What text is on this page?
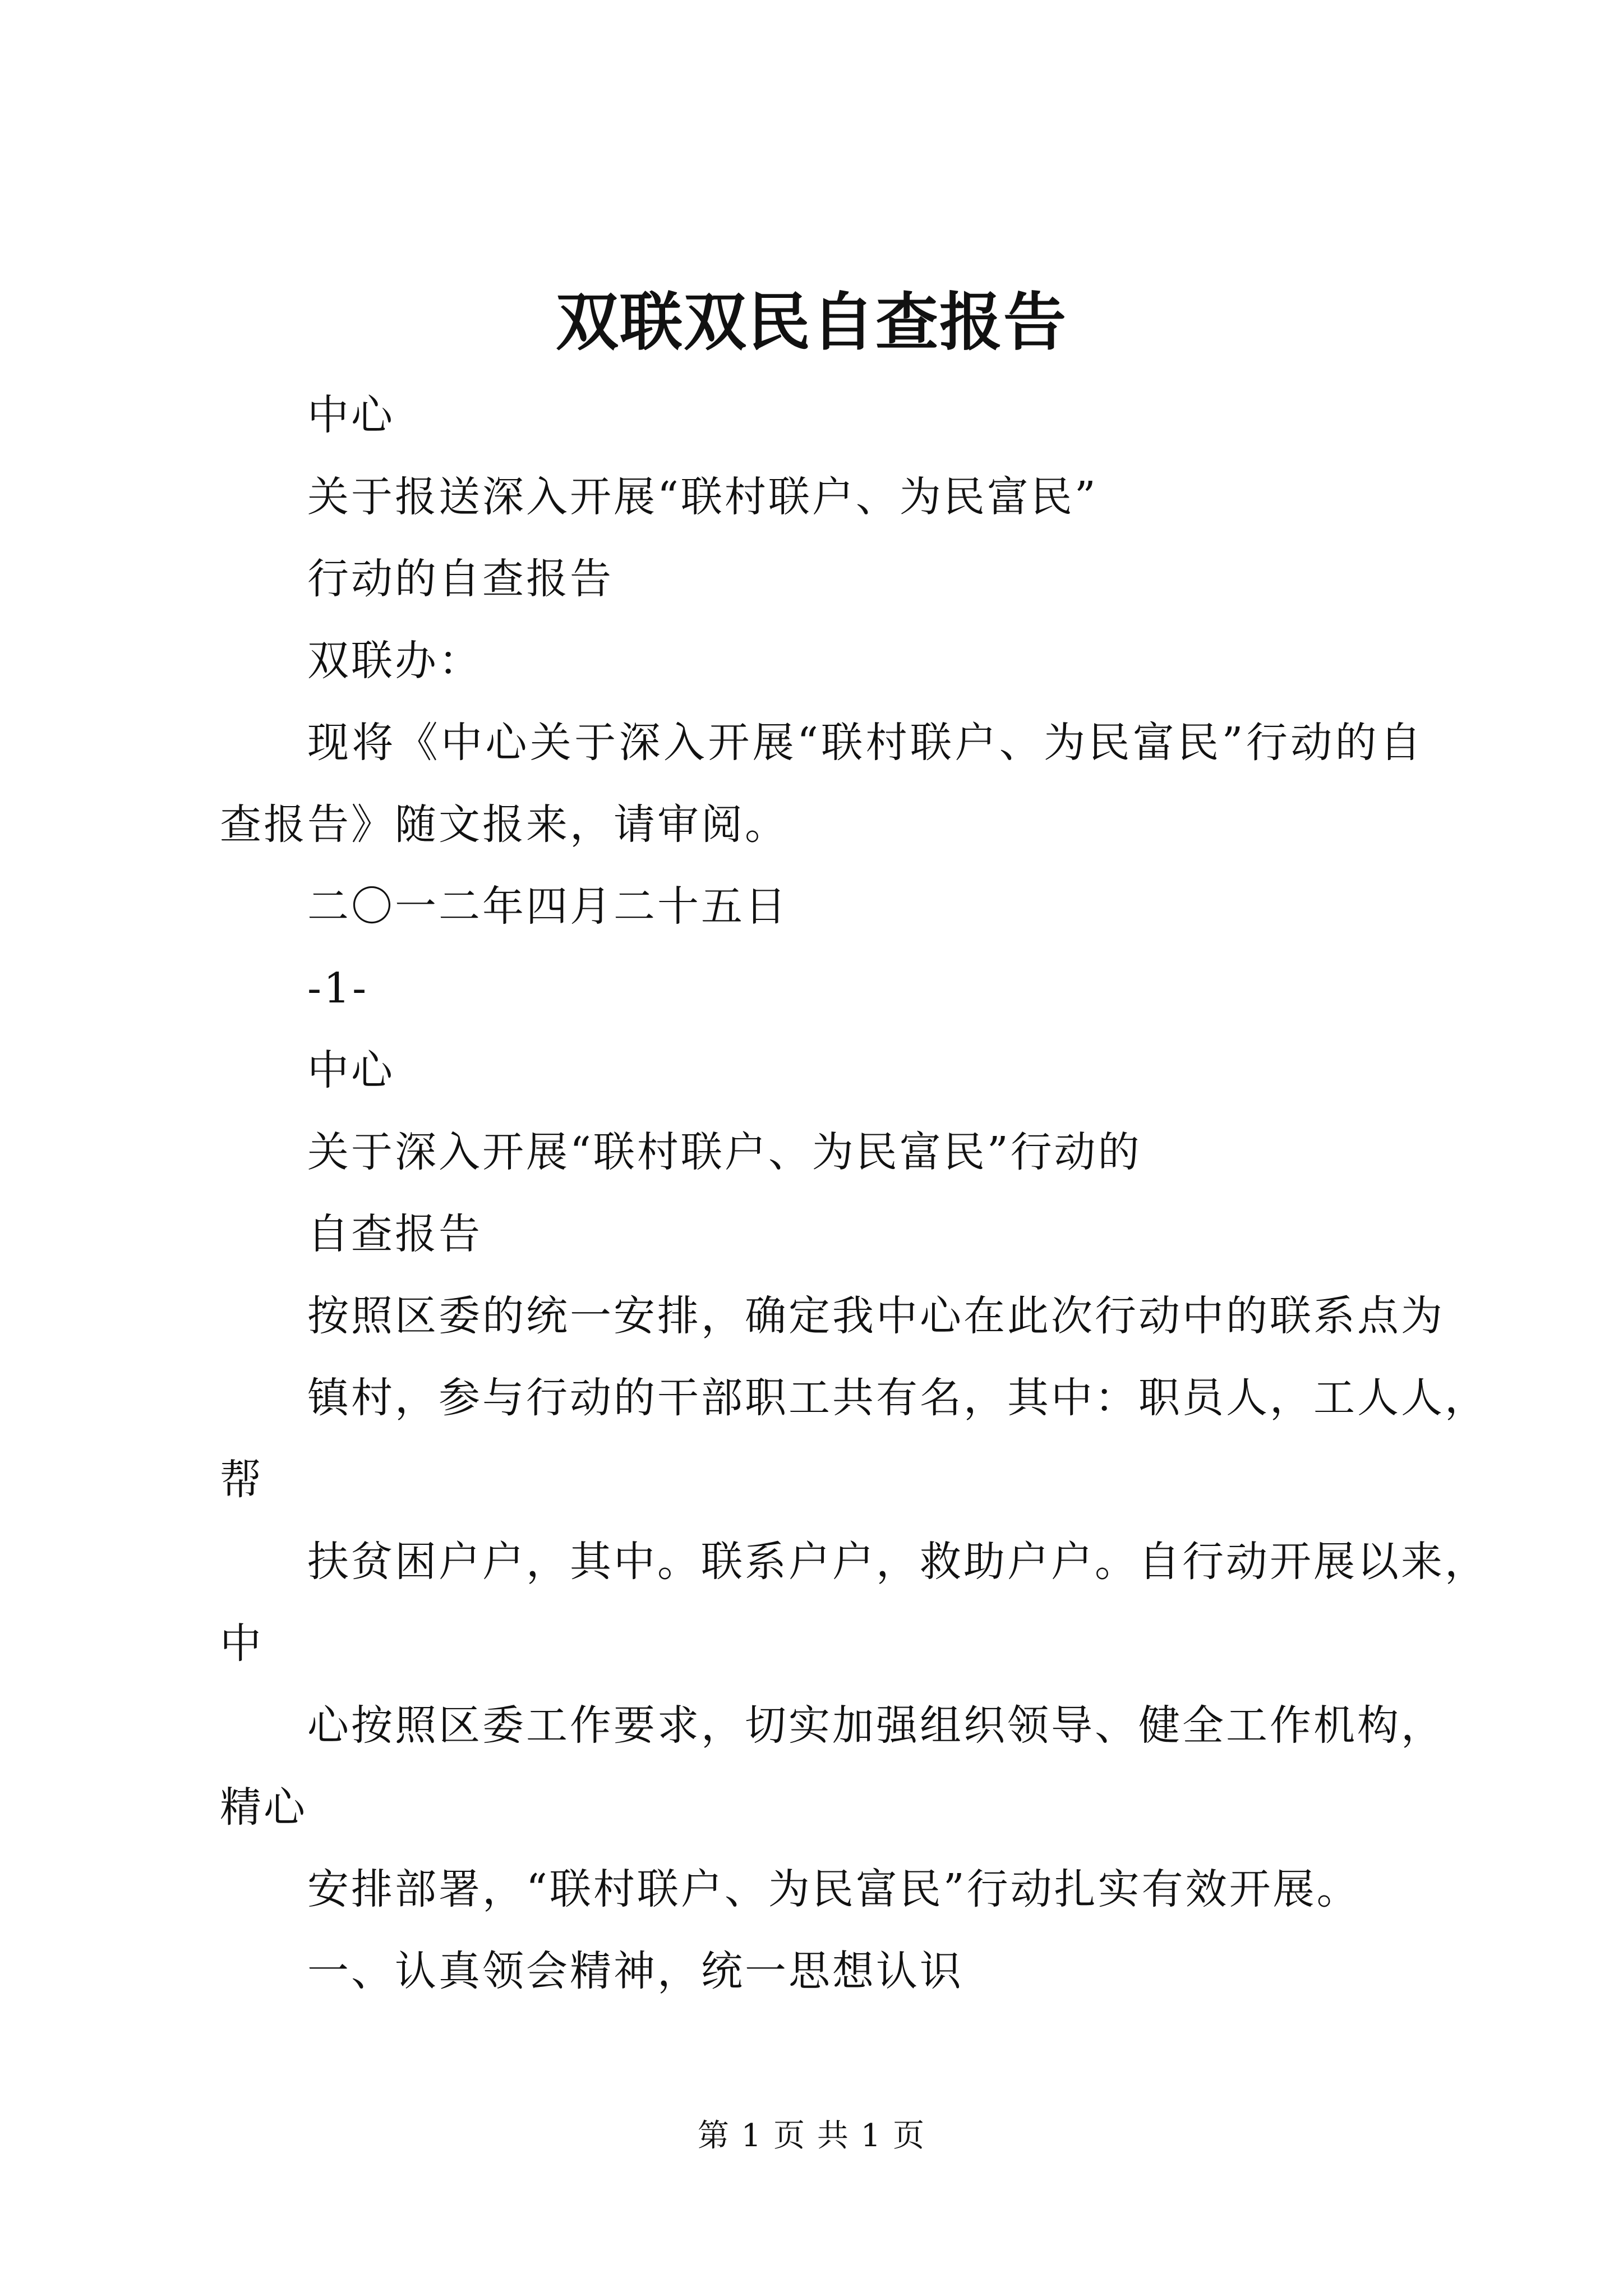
双联双民自查报告
中心
关于报送深入开展“联村联户、为民富民”
行动的自查报告
双联办：
现将《中心关于深入开展“联村联户、为民富民”行动的自
查报告》随文报来，请审阅。
二〇一二年四月二十五日
-1-
中心
关于深入开展“联村联户、为民富民”行动的
自查报告
按照区委的统一安排，确定我中心在此次行动中的联系点为
镇村，参与行动的干部职工共有名，其中：职员人，工人人，
帮
扶贫困户户，其中。联系户户，救助户户。自行动开展以来，
中
心按照区委工作要求，切实加强组织领导、健全工作机构，
精心
安排部署，“联村联户、为民富民”行动扎实有效开展。
一、认真领会精神，统一思想认识
第 1 页 共 1 页
